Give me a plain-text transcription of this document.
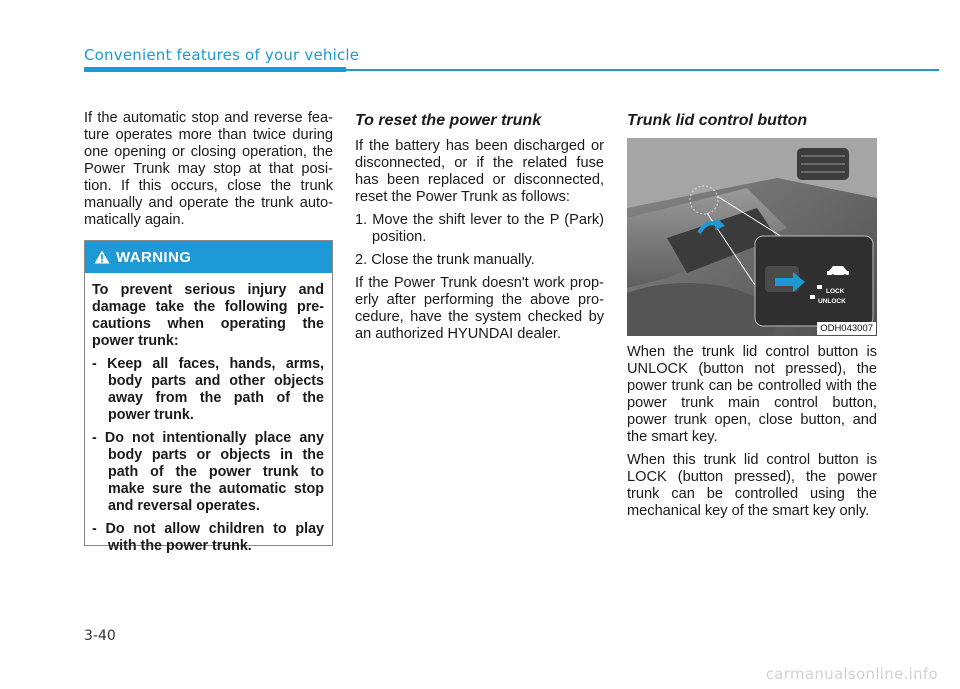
Convenient features of your vehicle

If the automatic stop and reverse fea-ture operates more than twice during one opening or closing operation, the Power Trunk may stop at that posi-tion. If this occurs, close the trunk manually and operate the trunk auto-matically again.

WARNING

To prevent serious injury and damage take the following pre-cautions when operating the power trunk:

- Keep all faces, hands, arms, body parts and other objects away from the path of the power trunk.

- Do not intentionally place any body parts or objects in the path of the power trunk to make sure the automatic stop and reversal operates.

- Do not allow children to play with the power trunk.

To reset the power trunk

If the battery has been discharged or disconnected, or if the related fuse has been replaced or disconnected, reset the Power Trunk as follows:

1. Move the shift lever to the P (Park) position.

2. Close the trunk manually.

If the Power Trunk doesn't work prop-erly after performing the above pro-cedure, have the system checked by an authorized HYUNDAI dealer.

Trunk lid control button
LOCK
UNLOCK
ODH043007

When the trunk lid control button is UNLOCK (button not pressed), the power trunk can be controlled with the power trunk main control button, power trunk open, close button, and the smart key.

When this trunk lid control button is LOCK (button pressed), the power trunk can be controlled using the mechanical key of the smart key only.

3-40
carmanualsonline.info
